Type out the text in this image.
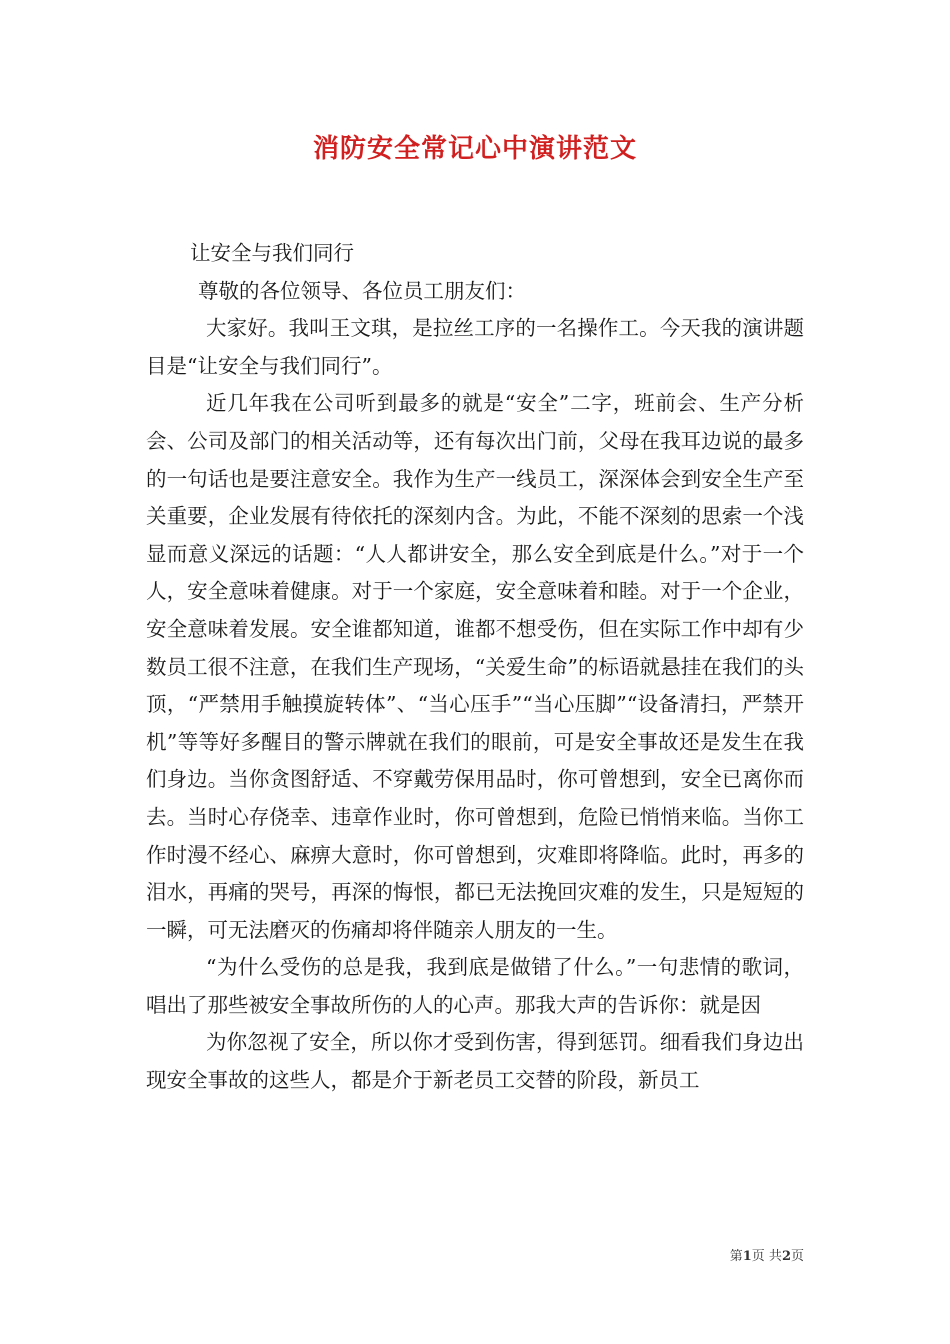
消防安全常记心中演讲范文

让安全与我们同行

尊敬的各位领导、各位员工朋友们：

大家好。我叫王文琪，是拉丝工序的一名操作工。今天我的演讲题目是“让安全与我们同行”。

近几年我在公司听到最多的就是“安全”二字，班前会、生产分析会、公司及部门的相关活动等，还有每次出门前，父母在我耳边说的最多的一句话也是要注意安全。我作为生产一线员工，深深体会到安全生产至关重要，企业发展有待依托的深刻内含。为此，不能不深刻的思索一个浅显而意义深远的话题：“人人都讲安全，那么安全到底是什么。”对于一个人，安全意味着健康。对于一个家庭，安全意味着和睦。对于一个企业，安全意味着发展。安全谁都知道，谁都不想受伤，但在实际工作中却有少数员工很不注意，在我们生产现场，“关爱生命”的标语就悬挂在我们的头顶，“严禁用手触摸旋转体”、“当心压手”“当心压脚”“设备清扫，严禁开机”等等好多醒目的警示牌就在我们的眼前，可是安全事故还是发生在我们身边。当你贪图舒适、不穿戴劳保用品时，你可曾想到，安全已离你而去。当时心存侥幸、违章作业时，你可曾想到，危险已悄悄来临。当你工作时漫不经心、麻痹大意时，你可曾想到，灾难即将降临。此时，再多的泪水，再痛的哭号，再深的悔恨，都已无法挽回灾难的发生，只是短短的一瞬，可无法磨灭的伤痛却将伴随亲人朋友的一生。

“为什么受伤的总是我，我到底是做错了什么。”一句悲情的歌词，唱出了那些被安全事故所伤的人的心声。那我大声的告诉你：就是因

为你忽视了安全，所以你才受到伤害，得到惩罚。细看我们身边出现安全事故的这些人，都是介于新老员工交替的阶段，新员工

第1页 共2页
